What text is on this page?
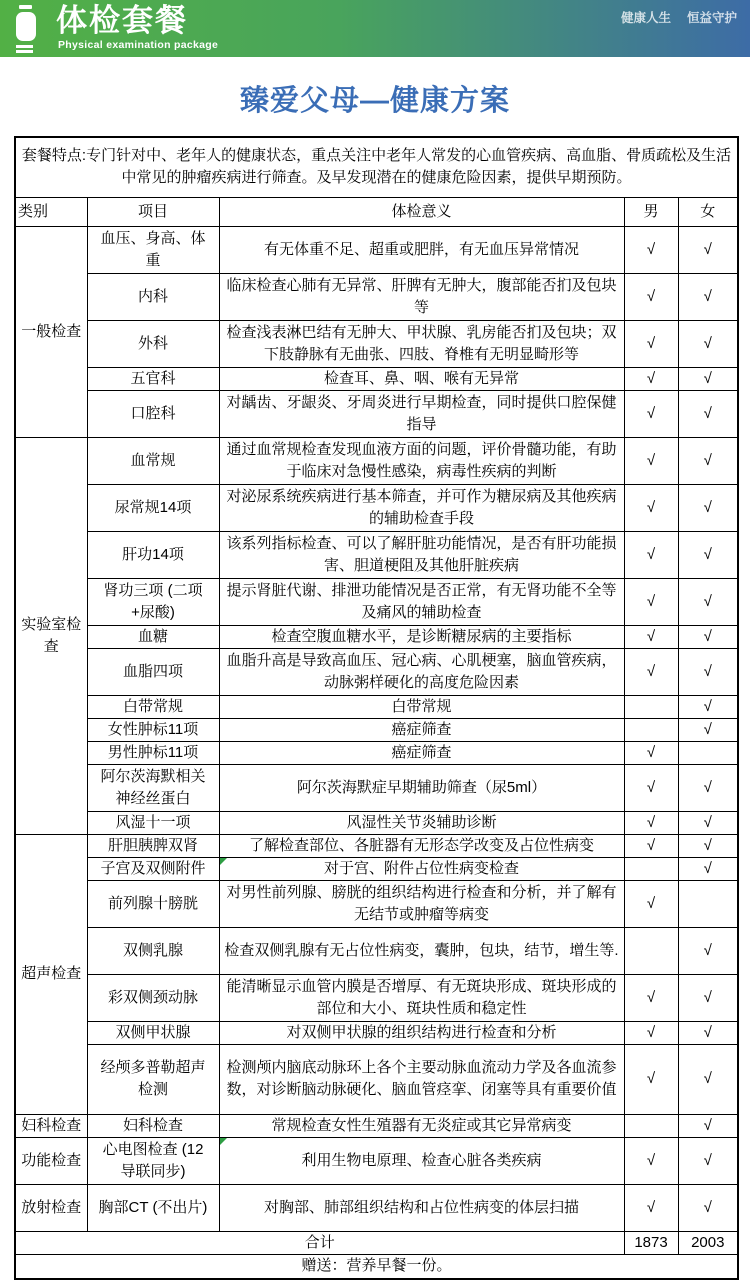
体检套餐
Physical examination package
健康人生 恒益守护
臻爱父母—健康方案
套餐特点:专门针对中、老年人的健康状态，重点关注中老年人常发的心血管疾病、高血脂、骨质疏松及生活中常见的肿瘤疾病进行筛查。及早发现潜在的健康危险因素，提供早期预防。				
类别	项目	体检意义	男	女
一般检查	血压、身高、体重	有无体重不足、超重或肥胖，有无血压异常情况	√	√
	内科	临床检查心肺有无异常、肝脾有无肿大，腹部能否扪及包块等	√	√
	外科	检查浅表淋巴结有无肿大、甲状腺、乳房能否扪及包块；双下肢静脉有无曲张、四肢、脊椎有无明显畸形等	√	√
	五官科	检查耳、鼻、咽、喉有无异常	√	√
	口腔科	对龋齿、牙龈炎、牙周炎进行早期检查，同时提供口腔保健指导	√	√
实验室检查	血常规	通过血常规检查发现血液方面的问题，评价骨髓功能，有助于临床对急慢性感染，病毒性疾病的判断	√	√
	尿常规14项	对泌尿系统疾病进行基本筛查，并可作为糖尿病及其他疾病的辅助检查手段	√	√
	肝功14项	该系列指标检查、可以了解肝脏功能情况，是否有肝功能损害、胆道梗阻及其他肝脏疾病	√	√
	肾功三项 (二项+尿酸)	提示肾脏代谢、排泄功能情况是否正常，有无肾功能不全等及痛风的辅助检查	√	√
	血糖	检查空腹血糖水平，是诊断糖尿病的主要指标	√	√
	血脂四项	血脂升高是导致高血压、冠心病、心肌梗塞，脑血管疾病，动脉粥样硬化的高度危险因素	√	√
	白带常规	白带常规		√
	女性肿标11项	癌症筛查		√
	男性肿标11项	癌症筛查	√	
	阿尔茨海默相关神经丝蛋白	阿尔茨海默症早期辅助筛查（尿5ml）	√	√
	风湿十一项	风湿性关节炎辅助诊断	√	√
超声检查	肝胆胰脾双肾	了解检查部位、各脏器有无形态学改变及占位性病变	√	√
	子宫及双侧附件	对于宫、附件占位性病变检查		√
	前列腺十膀胱	对男性前列腺、膀胱的组织结构进行检查和分析，并了解有无结节或肿瘤等病变	√	
	双侧乳腺	检查双侧乳腺有无占位性病变，囊肿，包块，结节，增生等.		√
	彩双侧颈动脉	能清晰显示血管内膜是否增厚、有无斑块形成、斑块形成的部位和大小、斑块性质和稳定性	√	√
	双侧甲状腺	对双侧甲状腺的组织结构进行检查和分析	√	√
	经颅多普勒超声检测	检测颅内脑底动脉环上各个主要动脉血流动力学及各血流参数，对诊断脑动脉硬化、脑血管痉挛、闭塞等具有重要价值	√	√
妇科检查	妇科检查	常规检查女性生殖器有无炎症或其它异常病变		√
功能检查	心电图检查 (12导联同步)	利用生物电原理、检查心脏各类疾病	√	√
放射检查	胸部CT (不出片)	对胸部、肺部组织结构和占位性病变的体层扫描	√	√
合计			1873	2003
赠送：营养早餐一份。				
